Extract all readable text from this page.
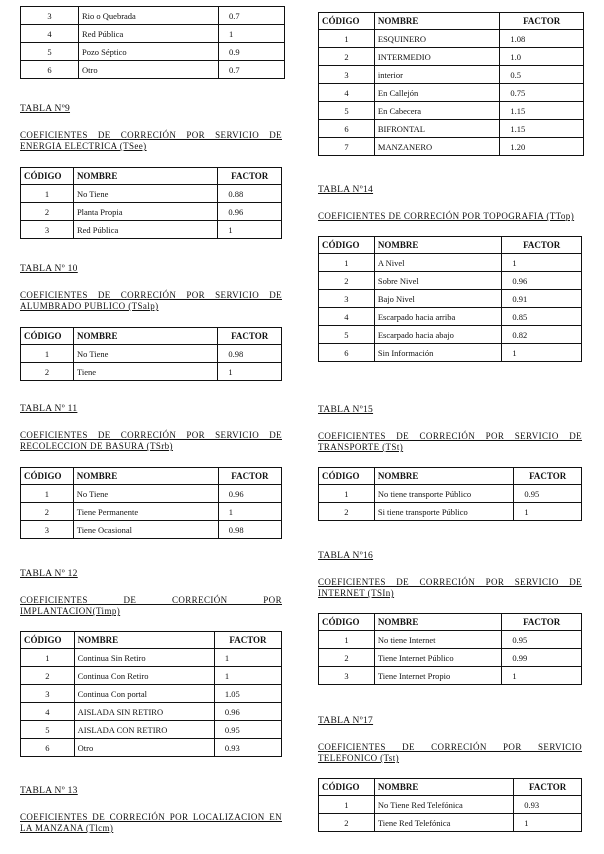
3	Rio o Quebrada	0.7
4	Red Pública	1
5	Pozo Séptico	0.9
6	Otro	0.7

TABLA Nº9

COEFICIENTES DE CORRECIÓN POR SERVICIO DE ENERGIA ELECTRICA (TSee)

CÓDIGO	NOMBRE	FACTOR
1	No Tiene	0.88
2	Planta Propia	0.96
3	Red Pública	1

TABLA Nº 10

COEFICIENTES DE CORRECIÓN POR SERVICIO DE ALUMBRADO PUBLICO (TSalp)

CÓDIGO	NOMBRE	FACTOR
1	No Tiene	0.98
2	Tiene	1

TABLA Nº 11

COEFICIENTES DE CORRECIÓN POR SERVICIO DE RECOLECCION DE BASURA (TSrb)

CÓDIGO	NOMBRE	FACTOR
1	No Tiene	0.96
2	Tiene Permanente	1
3	Tiene Ocasional	0.98

TABLA Nº 12

COEFICIENTES DE CORRECIÓN POR IMPLANTACION(Timp)

CÓDIGO	NOMBRE	FACTOR
1	Continua Sin Retiro	1
2	Continua Con Retiro	1
3	Continua Con portal	1.05
4	AISLADA SIN RETIRO	0.96
5	AISLADA CON RETIRO	0.95
6	Otro	0.93

TABLA Nº 13

COEFICIENTES DE CORRECIÓN POR LOCALIZACION EN LA MANZANA (Tlcm)

CÓDIGO	NOMBRE	FACTOR
1	ESQUINERO	1.08
2	INTERMEDIO	1.0
3	interior	0.5
4	En Callejón	0.75
5	En Cabecera	1.15
6	BIFRONTAL	1.15
7	MANZANERO	1.20

TABLA Nº14

COEFICIENTES DE CORRECIÓN POR TOPOGRAFIA (TTop)

CÓDIGO	NOMBRE	FACTOR
1	A Nivel	1
2	Sobre Nivel	0.96
3	Bajo Nivel	0.91
4	Escarpado hacia arriba	0.85
5	Escarpado hacia abajo	0.82
6	Sin Información	1

TABLA Nº15

COEFICIENTES DE CORRECIÓN POR SERVICIO DE TRANSPORTE (TSt)

CÓDIGO	NOMBRE	FACTOR
1	No tiene transporte Público	0.95
2	Si tiene transporte Público	1

TABLA Nº16

COEFICIENTES DE CORRECIÓN POR SERVICIO DE INTERNET (TSIn)

CÓDIGO	NOMBRE	FACTOR
1	No tiene Internet	0.95
2	Tiene Internet Público	0.99
3	Tiene Internet Propio	1

TABLA Nº17

COEFICIENTES DE CORRECIÓN POR SERVICIO TELEFONICO (Tst)

CÓDIGO	NOMBRE	FACTOR
1	No Tiene Red Telefónica	0.93
2	Tiene Red Telefónica	1
